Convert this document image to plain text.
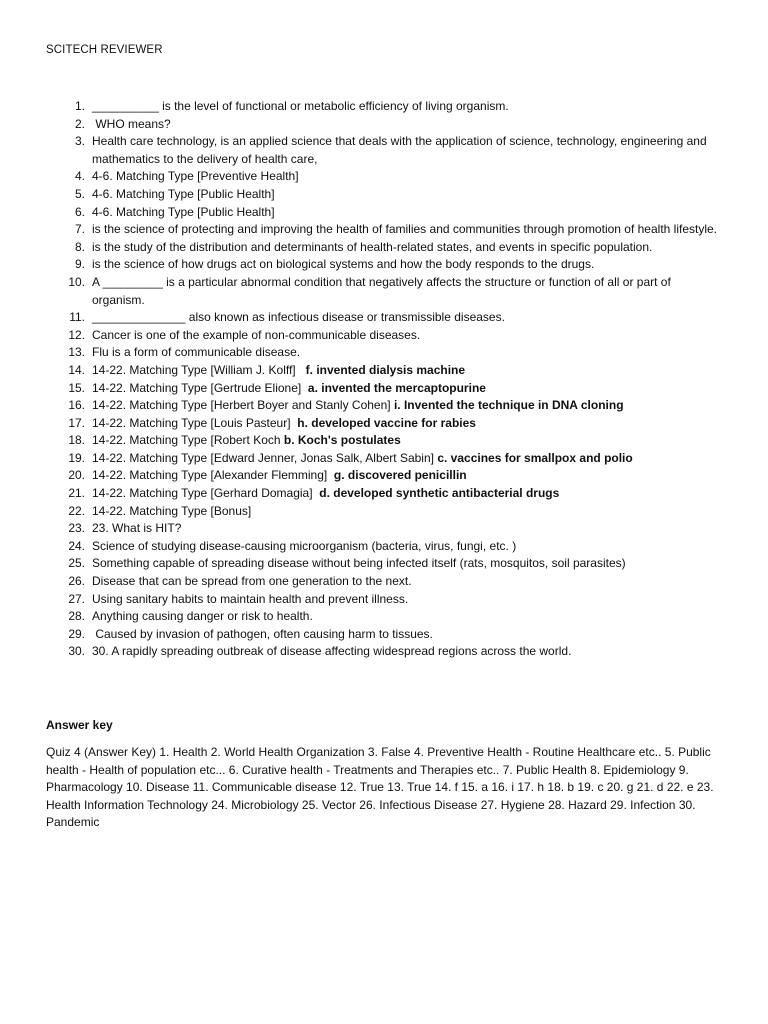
SCITECH REVIEWER
1. __________ is the level of functional or metabolic efficiency of living organism.
2. WHO means?
3. Health care technology, is an applied science that deals with the application of science, technology, engineering and mathematics to the delivery of health care,
4. 4-6. Matching Type [Preventive Health]
5. 4-6. Matching Type [Public Health]
6. 4-6. Matching Type [Public Health]
7. is the science of protecting and improving the health of families and communities through promotion of health lifestyle.
8. is the study of the distribution and determinants of health-related states, and events in specific population.
9. is the science of how drugs act on biological systems and how the body responds to the drugs.
10. A _________ is a particular abnormal condition that negatively affects the structure or function of all or part of organism.
11. ______________ also known as infectious disease or transmissible diseases.
12. Cancer is one of the example of non-communicable diseases.
13. Flu is a form of communicable disease.
14. 14-22. Matching Type [William J. Kolff]   f. invented dialysis machine
15. 14-22. Matching Type [Gertrude Elione]  a. invented the mercaptopurine
16. 14-22. Matching Type [Herbert Boyer and Stanly Cohen] i. Invented the technique in DNA cloning
17. 14-22. Matching Type [Louis Pasteur]  h. developed vaccine for rabies
18. 14-22. Matching Type [Robert Koch b. Koch's postulates
19. 14-22. Matching Type [Edward Jenner, Jonas Salk, Albert Sabin] c. vaccines for smallpox and polio
20. 14-22. Matching Type [Alexander Flemming]  g. discovered penicillin
21. 14-22. Matching Type [Gerhard Domagia]  d. developed synthetic antibacterial drugs
22. 14-22. Matching Type [Bonus]
23. 23. What is HIT?
24. Science of studying disease-causing microorganism (bacteria, virus, fungi, etc. )
25. Something capable of spreading disease without being infected itself (rats, mosquitos, soil parasites)
26. Disease that can be spread from one generation to the next.
27. Using sanitary habits to maintain health and prevent illness.
28. Anything causing danger or risk to health.
29. Caused by invasion of pathogen, often causing harm to tissues.
30. 30. A rapidly spreading outbreak of disease affecting widespread regions across the world.
Answer key
Quiz 4 (Answer Key) 1. Health 2. World Health Organization 3. False 4. Preventive Health - Routine Healthcare etc.. 5. Public health - Health of population etc... 6. Curative health - Treatments and Therapies etc.. 7. Public Health 8. Epidemiology 9. Pharmacology 10. Disease 11. Communicable disease 12. True 13. True 14. f 15. a 16. i 17. h 18. b 19. c 20. g 21. d 22. e 23. Health Information Technology 24. Microbiology 25. Vector 26. Infectious Disease 27. Hygiene 28. Hazard 29. Infection 30. Pandemic
